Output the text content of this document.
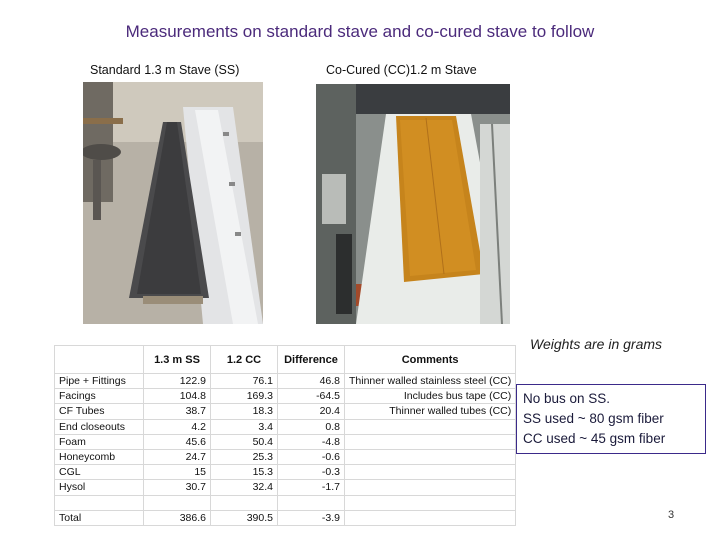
Measurements on standard stave and co-cured stave to follow
Standard 1.3 m Stave (SS)	Co-Cured (CC)1.2 m Stave
Weights are in grams
No bus on SS.
SS used ~ 80 gsm fiber
CC used ~ 45 gsm fiber
	1.3 m SS	1.2 CC	Difference	Comments
Pipe + Fittings	122.9	76.1	46.8	Thinner walled stainless steel (CC)
Facings	104.8	169.3	-64.5	Includes bus tape (CC)
CF Tubes	38.7	18.3	20.4	Thinner walled tubes (CC)
End closeouts	4.2	3.4	0.8	
Foam	45.6	50.4	-4.8	
Honeycomb	24.7	25.3	-0.6	
CGL	15	15.3	-0.3	
Hysol	30.7	32.4	-1.7	

Total	386.6	390.5	-3.9		3
